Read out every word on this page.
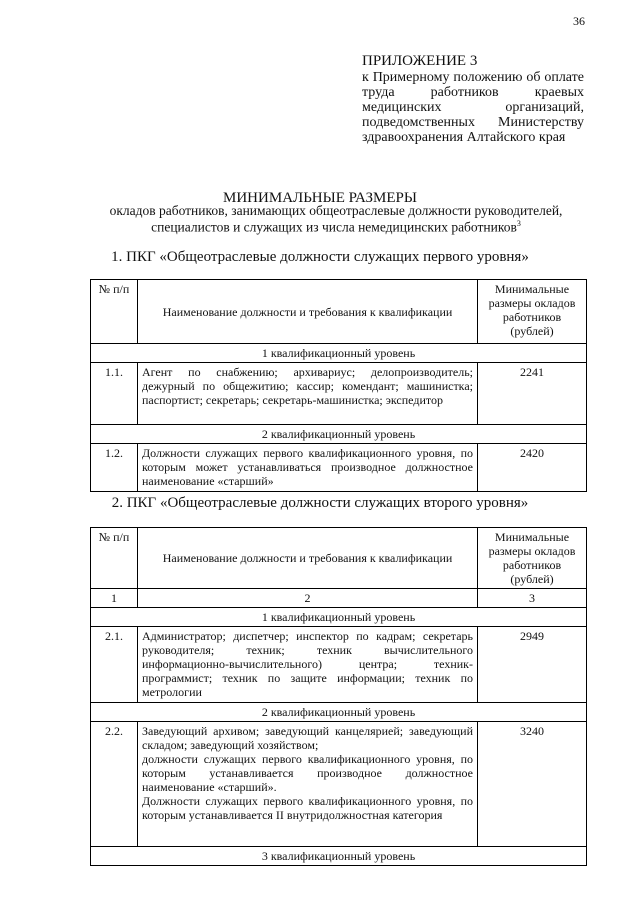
36
ПРИЛОЖЕНИЕ 3
к Примерному положению об оплате труда работников краевых медицинских организаций, подведомственных Министерству здравоохранения Алтайского края
МИНИМАЛЬНЫЕ РАЗМЕРЫ
окладов работников, занимающих общеотраслевые должности руководителей, специалистов и служащих из числа немедицинских работников$^3$
1. ПКГ «Общеотраслевые должности служащих первого уровня»
№ п/п	Наименование должности и требования к квалификации	Минимальные размеры окладов работников (рублей)
1 квалификационный уровень		
1.1.	Агент по снабжению; архивариус; делопроизводитель; дежурный по общежитию; кассир; комендант; машинистка; паспортист; секретарь; секретарь-машинистка; экспедитор	2241
2 квалификационный уровень		
1.2.	Должности служащих первого квалификационного уровня, по которым может устанавливаться производное должностное наименование «старший»	2420
2. ПКГ «Общеотраслевые должности служащих второго уровня»
№ п/п	Наименование должности и требования к квалификации	Минимальные размеры окладов работников (рублей)
1	2	3
1 квалификационный уровень		
2.1.	Администратор; диспетчер; инспектор по кадрам; секретарь руководителя; техник; техник вычислительного информационно-вычислительного) центра; техник-программист; техник по защите информации; техник по метрологии	2949
2 квалификационный уровень		
2.2.	Заведующий архивом; заведующий канцелярией; заведующий складом; заведующий хозяйством;
должности служащих первого квалификационного уровня, по которым устанавливается производное должностное наименование «старший».
Должности служащих первого квалификационного уровня, по которым устанавливается II внутридолжностная категория	3240
3 квалификационный уровень		
